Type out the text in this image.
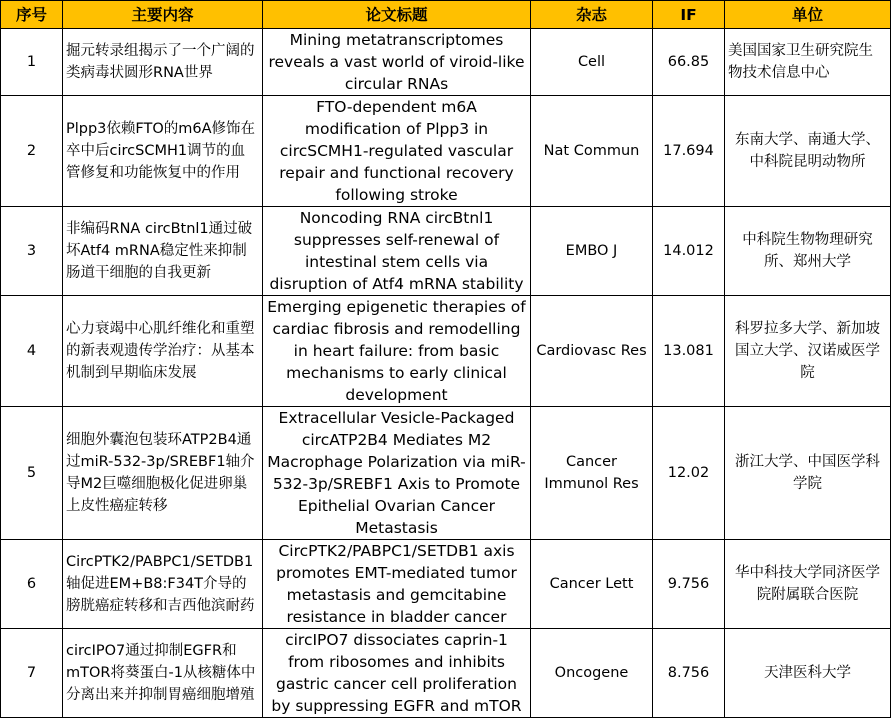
序号	主要内容	论文标题	杂志	IF	单位
1	掘元转录组揭示了一个广阔的类病毒状圆形RNA世界	Mining metatranscriptomes reveals a vast world of viroid-like circular RNAs	Cell	66.85	美国国家卫生研究院生物技术信息中心
2	Plpp3依赖FTO的m6A修饰在卒中后circSCMH1调节的血管修复和功能恢复中的作用	FTO-dependent m6A modification of Plpp3 in circSCMH1-regulated vascular repair and functional recovery following stroke	Nat Commun	17.694	东南大学、南通大学、中科院昆明动物所
3	非编码RNA circBtnl1通过破坏Atf4 mRNA稳定性来抑制肠道干细胞的自我更新	Noncoding RNA circBtnl1 suppresses self-renewal of intestinal stem cells via disruption of Atf4 mRNA stability	EMBO J	14.012	中科院生物物理研究所、郑州大学
4	心力衰竭中心肌纤维化和重塑的新表观遗传学治疗：从基本机制到早期临床发展	Emerging epigenetic therapies of cardiac fibrosis and remodelling in heart failure: from basic mechanisms to early clinical development	Cardiovasc Res	13.081	科罗拉多大学、新加坡国立大学、汉诺威医学院
5	细胞外囊泡包装环ATP2B4通过miR-532-3p/SREBF1轴介导M2巨噬细胞极化促进卵巢上皮性癌症转移	Extracellular Vesicle-Packaged circATP2B4 Mediates M2 Macrophage Polarization via miR-532-3p/SREBF1 Axis to Promote Epithelial Ovarian Cancer Metastasis	Cancer Immunol Res	12.02	浙江大学、中国医学科学院
6	CircPTK2/PABPC1/SETDB1轴促进EM+B8:F34T介导的膀胱癌症转移和吉西他滨耐药	CircPTK2/PABPC1/SETDB1 axis promotes EMT-mediated tumor metastasis and gemcitabine resistance in bladder cancer	Cancer Lett	9.756	华中科技大学同济医学院附属联合医院
7	circIPO7通过抑制EGFR和mTOR将葵蛋白-1从核糖体中分离出来并抑制胃癌细胞增殖	circIPO7 dissociates caprin-1 from ribosomes and inhibits gastric cancer cell proliferation by suppressing EGFR and mTOR	Oncogene	8.756	天津医科大学
